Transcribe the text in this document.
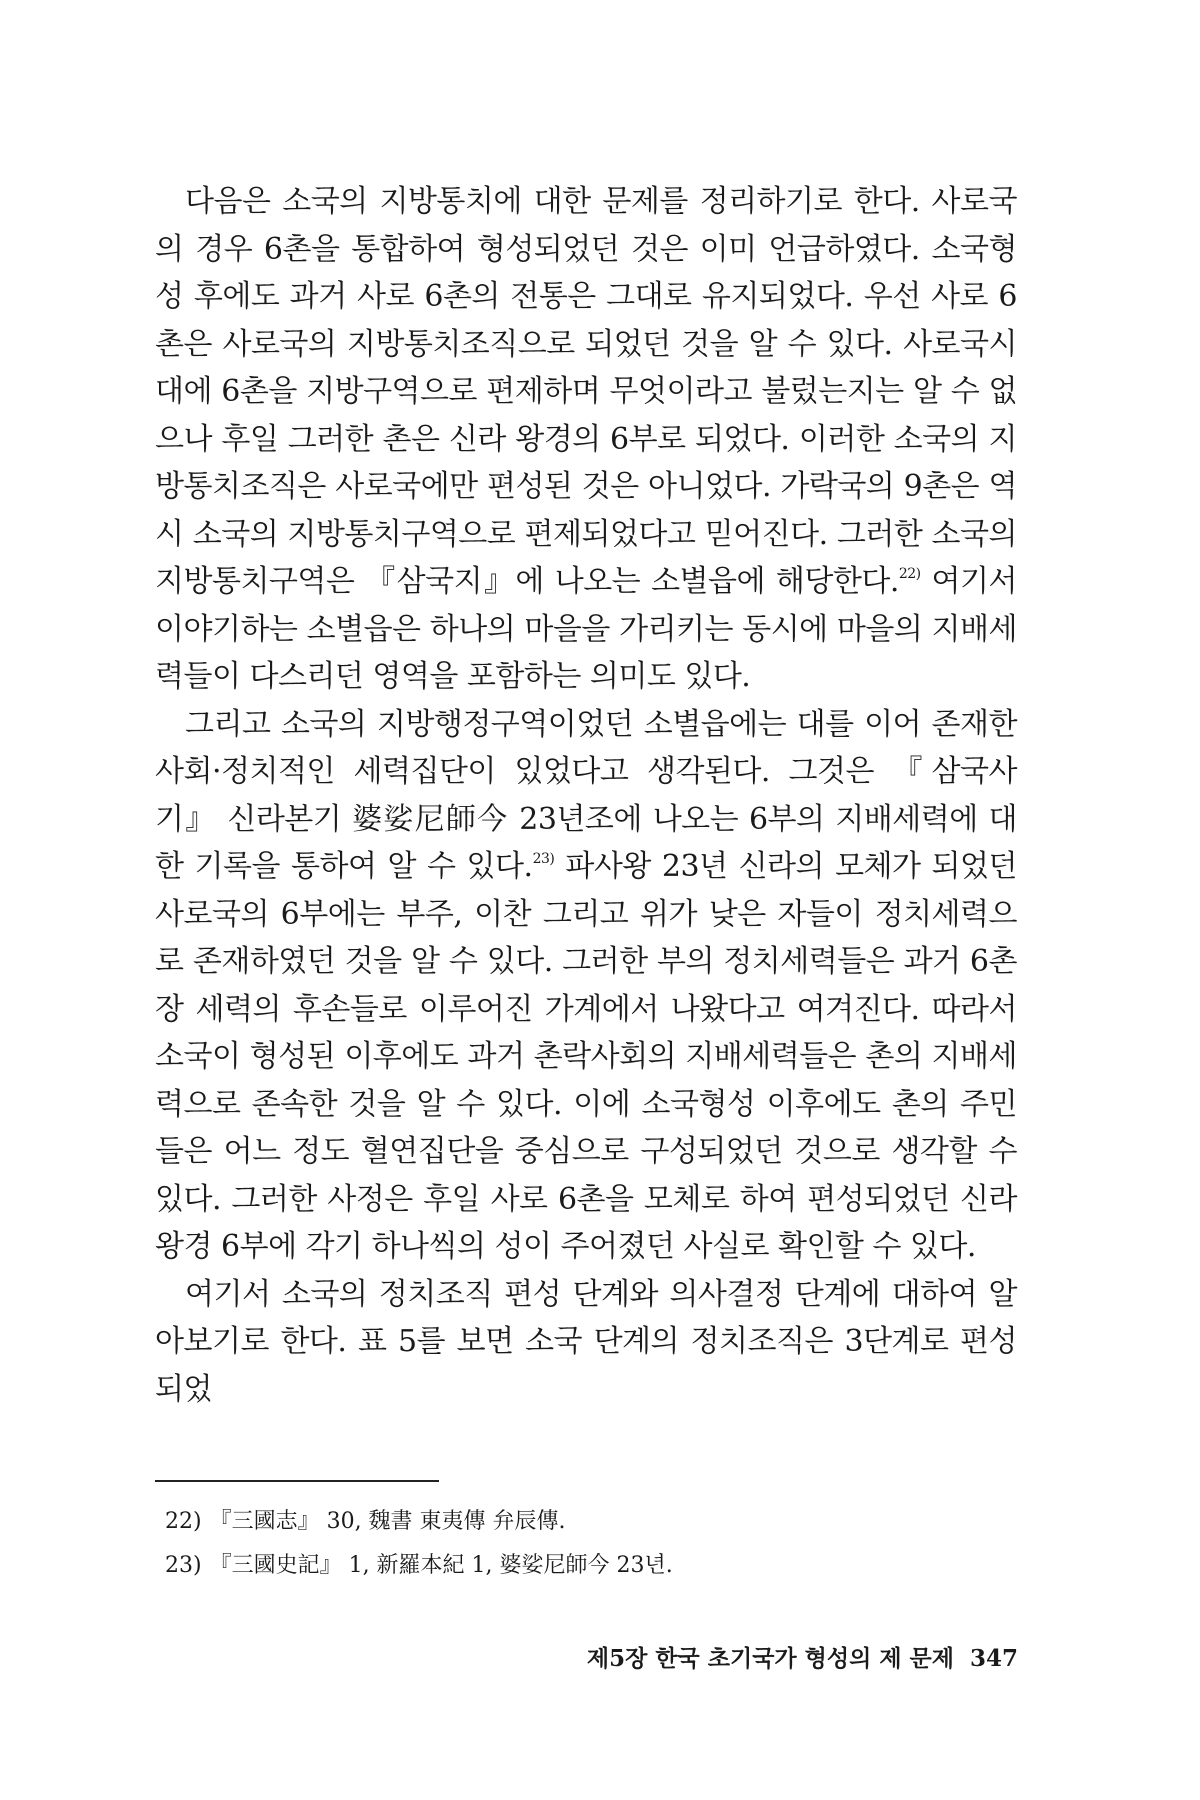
다음은 소국의 지방통치에 대한 문제를 정리하기로 한다. 사로국의 경우 6촌을 통합하여 형성되었던 것은 이미 언급하였다. 소국형성 후에도 과거 사로 6촌의 전통은 그대로 유지되었다. 우선 사로 6촌은 사로국의 지방통치조직으로 되었던 것을 알 수 있다. 사로국시대에 6촌을 지방구역으로 편제하며 무엇이라고 불렀는지는 알 수 없으나 후일 그러한 촌은 신라 왕경의 6부로 되었다. 이러한 소국의 지방통치조직은 사로국에만 편성된 것은 아니었다. 가락국의 9촌은 역시 소국의 지방통치구역으로 편제되었다고 믿어진다. 그러한 소국의 지방통치구역은 『삼국지』에 나오는 소별읍에 해당한다.$^{22)}$ 여기서 이야기하는 소별읍은 하나의 마을을 가리키는 동시에 마을의 지배세력들이 다스리던 영역을 포함하는 의미도 있다.

그리고 소국의 지방행정구역이었던 소별읍에는 대를 이어 존재한 사회·정치적인 세력집단이 있었다고 생각된다. 그것은 『삼국사기』 신라본기 婆娑尼師今 23년조에 나오는 6부의 지배세력에 대한 기록을 통하여 알 수 있다.$^{23)}$ 파사왕 23년 신라의 모체가 되었던 사로국의 6부에는 부주, 이찬 그리고 위가 낮은 자들이 정치세력으로 존재하였던 것을 알 수 있다. 그러한 부의 정치세력들은 과거 6촌장 세력의 후손들로 이루어진 가계에서 나왔다고 여겨진다. 따라서 소국이 형성된 이후에도 과거 촌락사회의 지배세력들은 촌의 지배세력으로 존속한 것을 알 수 있다. 이에 소국형성 이후에도 촌의 주민들은 어느 정도 혈연집단을 중심으로 구성되었던 것으로 생각할 수 있다. 그러한 사정은 후일 사로 6촌을 모체로 하여 편성되었던 신라 왕경 6부에 각기 하나씩의 성이 주어졌던 사실로 확인할 수 있다.

여기서 소국의 정치조직 편성 단계와 의사결정 단계에 대하여 알아보기로 한다. 표 5를 보면 소국 단계의 정치조직은 3단계로 편성되었

22) 『三國志』 30, 魏書 東夷傳 弁辰傳.

23) 『三國史記』 1, 新羅本紀 1, 婆娑尼師今 23년.

제5장 한국 초기국가 형성의 제 문제 347
